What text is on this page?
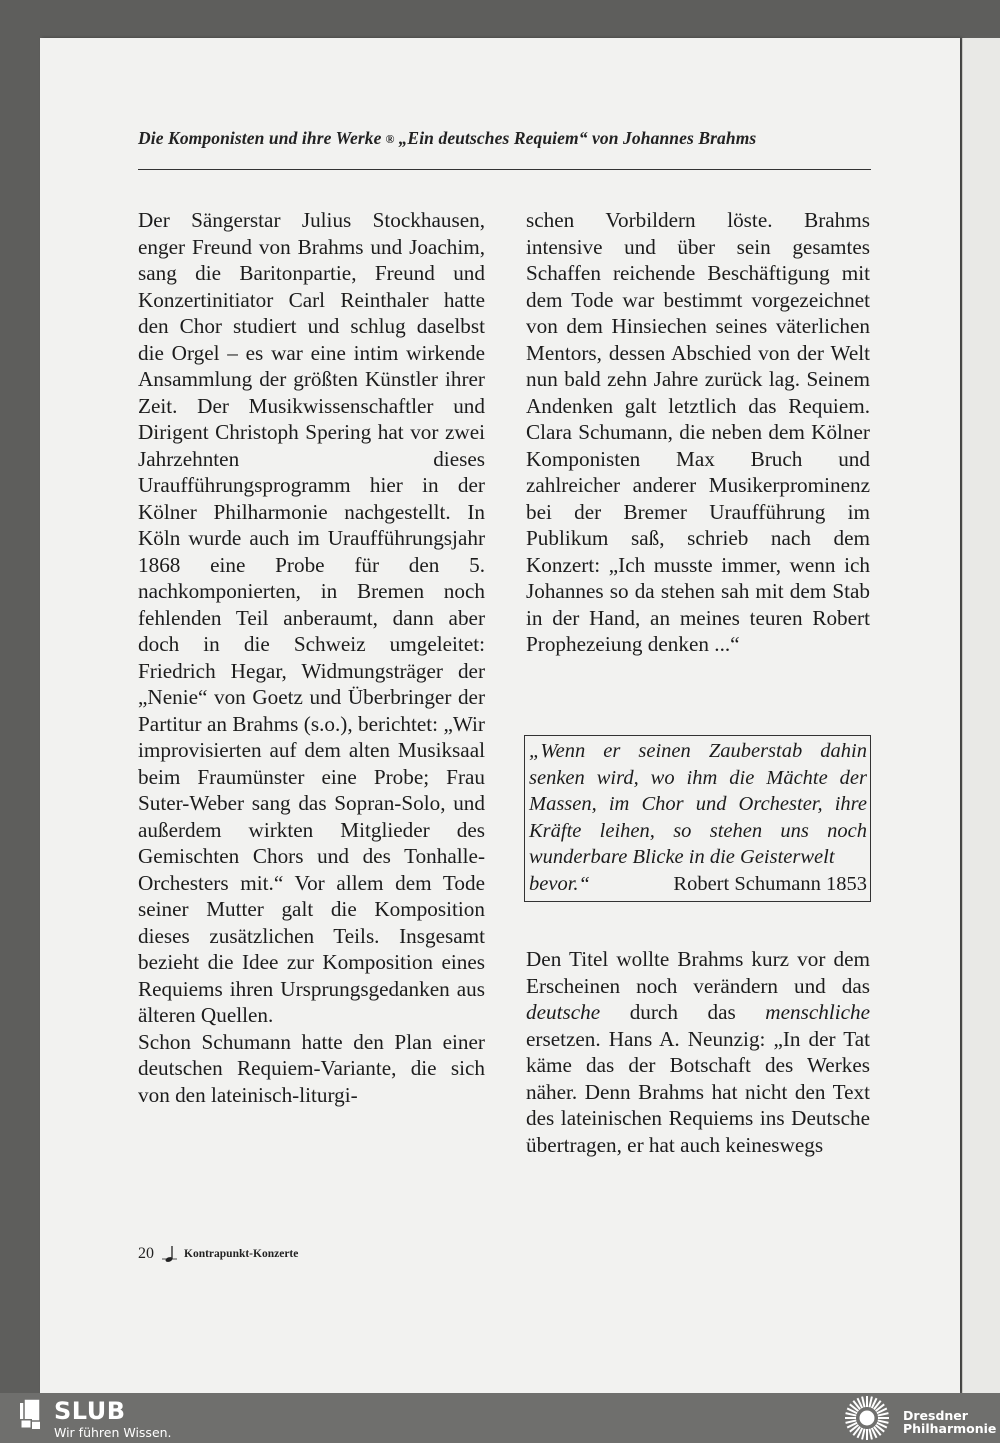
Die Komponisten und ihre Werke ® „Ein deutsches Requiem“ von Johannes Brahms

Der Sängerstar Julius Stockhausen, enger Freund von Brahms und Joachim, sang die Baritonpartie, Freund und Konzertinitiator Carl Reinthaler hatte den Chor studiert und schlug daselbst die Orgel – es war eine intim wirkende Ansammlung der größten Künstler ihrer Zeit. Der Musikwissenschaftler und Dirigent Christoph Spering hat vor zwei Jahrzehnten dieses Uraufführungsprogramm hier in der Kölner Philharmonie nachgestellt. In Köln wurde auch im Uraufführungsjahr 1868 eine Probe für den 5. nachkomponierten, in Bremen noch fehlenden Teil anberaumt, dann aber doch in die Schweiz umgeleitet: Friedrich Hegar, Widmungsträger der „Nenie“ von Goetz und Überbringer der Partitur an Brahms (s.o.), berichtet: „Wir improvisierten auf dem alten Musiksaal beim Fraumünster eine Probe; Frau Suter-Weber sang das Sopran-Solo, und außerdem wirkten Mitglieder des Gemischten Chors und des Tonhalle-Orchesters mit.“ Vor allem dem Tode seiner Mutter galt die Komposition dieses zusätzlichen Teils. Insgesamt bezieht die Idee zur Komposition eines Requiems ihren Ursprungsgedanken aus älteren Quellen.

Schon Schumann hatte den Plan einer deutschen Requiem-Variante, die sich von den lateinisch-liturgi-

schen Vorbildern löste. Brahms intensive und über sein gesamtes Schaffen reichende Beschäftigung mit dem Tode war bestimmt vorgezeichnet von dem Hinsiechen seines väterlichen Mentors, dessen Abschied von der Welt nun bald zehn Jahre zurück lag. Seinem Andenken galt letztlich das Requiem. Clara Schumann, die neben dem Kölner Komponisten Max Bruch und zahlreicher anderer Musikerprominenz bei der Bremer Uraufführung im Publikum saß, schrieb nach dem Konzert: „Ich musste immer, wenn ich Johannes so da stehen sah mit dem Stab in der Hand, an meines teuren Robert Prophezeiung denken ...“

„Wenn er seinen Zauberstab dahin senken wird, wo ihm die Mächte der Massen, im Chor und Orchester, ihre Kräfte leihen, so stehen uns noch wunderbare Blicke in die Geisterwelt
bevor.“	Robert Schumann 1853

Den Titel wollte Brahms kurz vor dem Erscheinen noch verändern und das deutsche durch das menschliche ersetzen. Hans A. Neunzig: „In der Tat käme das der Botschaft des Werkes näher. Denn Brahms hat nicht den Text des lateinischen Requiems ins Deutsche übertragen, er hat auch keineswegs

20	Kontrapunkt-Konzerte
SLUB
Wir führen Wissen.
Dresdner
Philharmonie
